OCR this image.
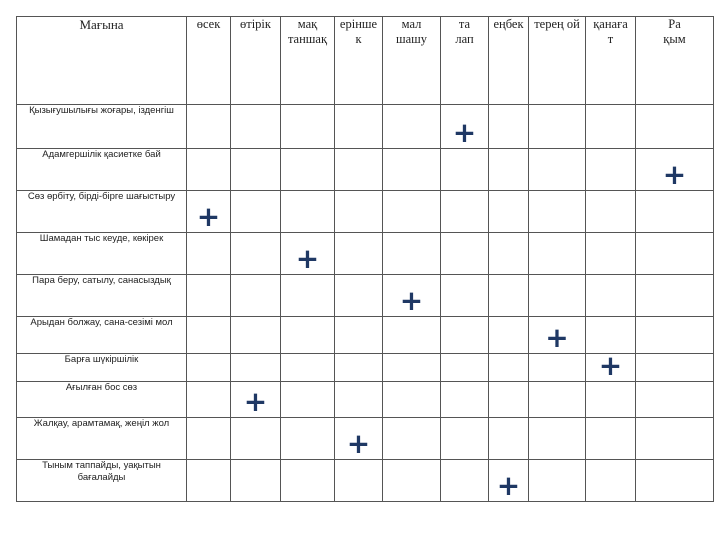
Мағына	өсек	өтірік	мақ
таншақ	ерінше
к	мал
шашу	та
лап	еңбек	терең ой	қанаға
т	Ра
қым
Қызығушылығы жоғары, ізденгіш						+				

Адамгершілік қасиетке бай										+

Сөз өрбіту, бірді-бірге шағыстыру	+									

Шамадан тыс кеуде, көкірек			+							

Пара беру, сатылу, санасыздық					+					

Арыдан болжау, сана-сезімі мол								+		

Барға шүкіршілік									+	

Ағылған бос сөз		+								

Жалқау, арамтамақ, жеңіл жол				+						

Тыным таппайды, уақытын бағалайды							+			
